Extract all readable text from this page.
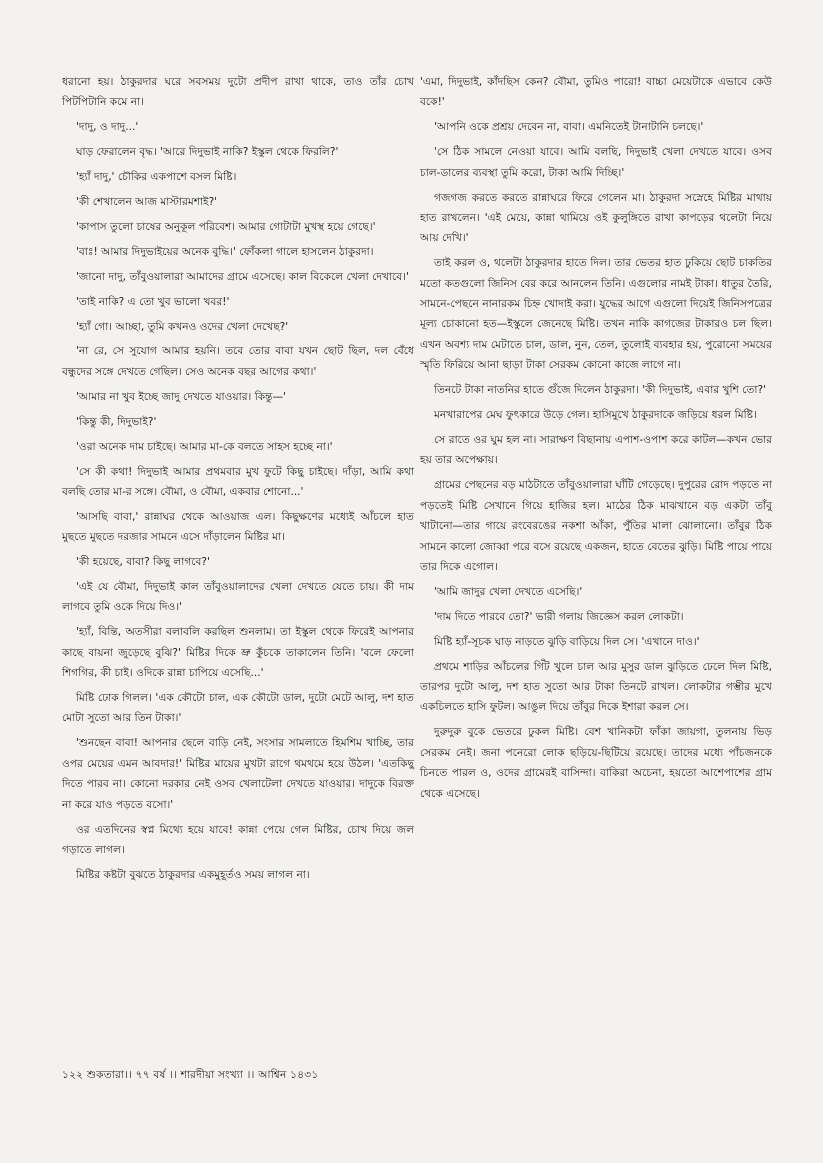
ধরানো হয়। ঠাকুরদার ঘরে সবসময় দুটো প্রদীপ রাখা থাকে, তাও তাঁর চোখ পিটপিটানি কমে না।

'দাদু, ও দাদু...'

ঘাড় ফেরালেন বৃদ্ধ। 'আরে দিদুভাই নাকি? ইস্কুল থেকে ফিরলি?'

'হ্যাঁ দাদু,' চৌকির একপাশে বসল মিষ্টি।

'কী শেখালেন আজ মাস্টারমশাই?'

'কাপাস তুলো চাষের অনুকূল পরিবেশ। আমার গোটাটা মুখস্থ হয়ে গেছে।'

'বাঃ! আমার দিদুভাইয়ের অনেক বুদ্ধি।' ফোঁকলা গালে হাসলেন ঠাকুরদা।

'জানো দাদু, তাঁবুওয়ালারা আমাদের গ্রামে এসেছে। কাল বিকেলে খেলা দেখাবে।'

'তাই নাকি? এ তো খুব ভালো খবর!'

'হ্যাঁ গো। আচ্ছা, তুমি কখনও ওদের খেলা দেখেছ?'

'না রে, সে সুযোগ আমার হয়নি। তবে তোর বাবা যখন ছোট ছিল, দল বেঁধে বন্ধুদের সঙ্গে দেখতে গেছিল। সেও অনেক বছর আগের কথা।'

'আমার না খুব ইচ্ছে জাদু দেখতে যাওয়ার। কিন্তু—'

'কিন্তু কী, দিদুভাই?'

'ওরা অনেক দাম চাইছে। আমার মা-কে বলতে সাহস হচ্ছে না।'

'সে কী কথা! দিদুভাই আমার প্রথমবার মুখ ফুটে কিছু চাইছে। দাঁড়া, আমি কথা বলছি তোর মা-র সঙ্গে। বৌমা, ও বৌমা, একবার শোনো...'

'আসছি বাবা,' রান্নাঘর থেকে আওয়াজ এল। কিছুক্ষণের মধ্যেই আঁচলে হাত মুছতে মুছতে দরজার সামনে এসে দাঁড়ালেন মিষ্টির মা।

'কী হয়েছে, বাবা? কিছু লাগবে?'

'এই যে বৌমা, দিদুভাই কাল তাঁবুওয়ালাদের খেলা দেখতে যেতে চায়। কী দাম লাগবে তুমি ওকে দিয়ে দিও।'

'হ্যাঁ, বিন্তি, অতসীরা বলাবলি করছিল শুনলাম। তা ইস্কুল থেকে ফিরেই আপনার কাছে বায়না জুড়েছে বুঝি?' মিষ্টির দিকে ভ্রু কুঁচকে তাকালেন তিনি। 'বলে ফেলো শিগগির, কী চাই। ওদিকে রান্না চাপিয়ে এসেছি...'

মিষ্টি ঢোক গিলল। 'এক কৌটো চাল, এক কৌটো ডাল, দুটো মেটে আলু, দশ হাত মোটা সুতো আর তিন টাকা।'

'শুনছেন বাবা! আপনার ছেলে বাড়ি নেই, সংসার সামলাতে হিমশিম খাচ্ছি, তার ওপর মেয়ের এমন আবদার!' মিষ্টির মায়ের মুখটা রাগে থমথমে হয়ে উঠল। 'এতকিছু দিতে পারব না। কোনো দরকার নেই ওসব খেলাটেলা দেখতে যাওয়ার। দাদুকে বিরক্ত না করে যাও পড়তে বসো।'

ওর এতদিনের স্বপ্ন মিথ্যে হয়ে যাবে! কান্না পেয়ে গেল মিষ্টির, চোখ দিয়ে জল গড়াতে লাগল।

মিষ্টির কষ্টটা বুঝতে ঠাকুরদার একমুহূর্তও সময় লাগল না।

'এমা, দিদুভাই, কাঁদছিস কেন? বৌমা, তুমিও পারো! বাচ্চা মেয়েটাকে এভাবে কেউ বকে!'

'আপনি ওকে প্রশ্রয় দেবেন না, বাবা। এমনিতেই টানাটানি চলছে।'

'সে ঠিক সামলে নেওয়া যাবে। আমি বলছি, দিদুভাই খেলা দেখতে যাবে। ওসব চাল-ডালের ব্যবস্থা তুমি করো, টাকা আমি দিচ্ছি।'

গজগজ করতে করতে রান্নাঘরে ফিরে গেলেন মা। ঠাকুরদা সস্নেহে মিষ্টির মাথায় হাত রাখলেন। 'এই মেয়ে, কান্না থামিয়ে ওই কুলুঙ্গিতে রাখা কাপড়ের থলেটা নিয়ে আয় দেখি।'

তাই করল ও, থলেটা ঠাকুরদার হাতে দিল। তার ভেতর হাত ঢুকিয়ে ছোট চাকতির মতো কতগুলো জিনিস বের করে আনলেন তিনি। এগুলোর নামই টাকা। ধাতুর তৈরি, সামনে-পেছনে নানারকম চিহ্ন খোদাই করা। যুদ্ধের আগে এগুলো দিয়েই জিনিসপত্রের মূল্য চোকানো হত—ইস্কুলে জেনেছে মিষ্টি। তখন নাকি কাগজের টাকারও চল ছিল। এখন অবশ্য দাম মেটাতে চাল, ডাল, নুন, তেল, তুলোই ব্যবহার হয়, পুরোনো সময়ের স্মৃতি ফিরিয়ে আনা ছাড়া টাকা সেরকম কোনো কাজে লাগে না।

তিনটে টাকা নাতনির হাতে গুঁজে দিলেন ঠাকুরদা। 'কী দিদুভাই, এবার খুশি তো?'

মনখারাপের মেঘ ফুৎকারে উড়ে গেল। হাসিমুখে ঠাকুরদাকে জড়িয়ে ধরল মিষ্টি।

সে রাতে ওর ঘুম হল না। সারাক্ষণ বিছানায় এপাশ-ওপাশ করে কাটল—কখন ভোর হয় তার অপেক্ষায়।

গ্রামের পেছনের বড় মাঠটাতে তাঁবুওয়ালারা ঘাঁটি গেড়েছে। দুপুরের রোদ পড়তে না পড়তেই মিষ্টি সেখানে গিয়ে হাজির হল। মাঠের ঠিক মাঝখানে বড় একটা তাঁবু খাটানো—তার গায়ে রংবেরঙের নকশা আঁকা, পুঁতির মালা ঝোলানো। তাঁবুর ঠিক সামনে কালো জোব্বা পরে বসে রয়েছে একজন, হাতে বেতের ঝুড়ি। মিষ্টি পায়ে পায়ে তার দিকে এগোল।

'আমি জাদুর খেলা দেখতে এসেছি।'

'দাম দিতে পারবে তো?' ভারী গলায় জিজ্ঞেস করল লোকটা।

মিষ্টি হ্যাঁ-সূচক ঘাড় নাড়তে ঝুড়ি বাড়িয়ে দিল সে। 'এখানে দাও।'

প্রথমে শাড়ির আঁচলের গিঁট খুলে চাল আর মুসুর ডাল ঝুড়িতে ঢেলে দিল মিষ্টি, তারপর দুটো আলু, দশ হাত সুতো আর টাকা তিনটে রাখল। লোকটার গম্ভীর মুখে একচিলতে হাসি ফুটল। আঙুল দিয়ে তাঁবুর দিকে ইশারা করল সে।

দুরুদুরু বুকে ভেতরে ঢুকল মিষ্টি। বেশ খানিকটা ফাঁকা জায়গা, তুলনায় ভিড় সেরকম নেই। জনা পনেরো লোক ছড়িয়ে-ছিটিয়ে রয়েছে। তাদের মধ্যে পাঁচজনকে চিনতে পারল ও, ওদের গ্রামেরই বাসিন্দা। বাকিরা অচেনা, হয়তো আশেপাশের গ্রাম থেকে এসেছে।

১২২ শুকতারা।। ৭৭ বর্ষ ।। শারদীয়া সংখ্যা ।। আশ্বিন ১৪৩১
